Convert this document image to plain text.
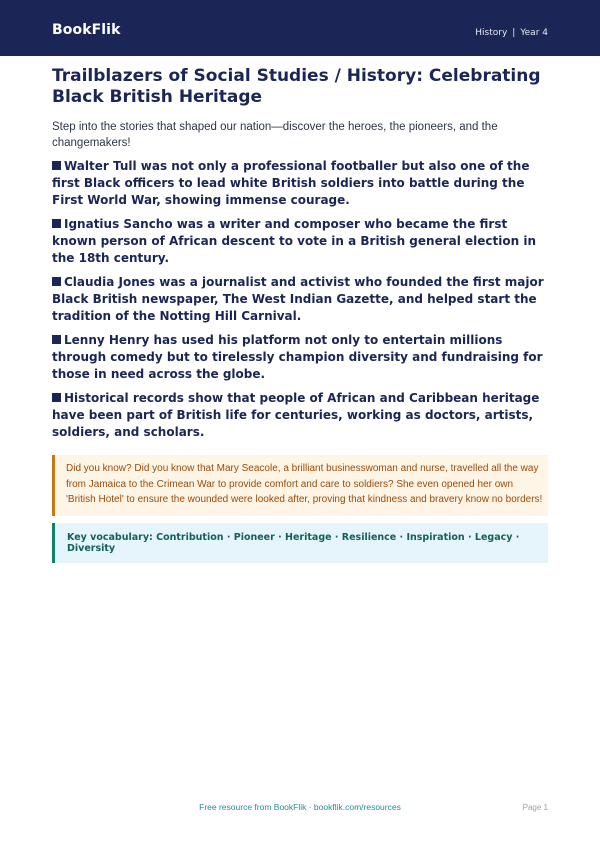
BookFlik	History | Year 4
Trailblazers of Social Studies / History: Celebrating Black British Heritage
Step into the stories that shaped our nation—discover the heroes, the pioneers, and the changemakers!
Walter Tull was not only a professional footballer but also one of the first Black officers to lead white British soldiers into battle during the First World War, showing immense courage.
Ignatius Sancho was a writer and composer who became the first known person of African descent to vote in a British general election in the 18th century.
Claudia Jones was a journalist and activist who founded the first major Black British newspaper, The West Indian Gazette, and helped start the tradition of the Notting Hill Carnival.
Lenny Henry has used his platform not only to entertain millions through comedy but to tirelessly champion diversity and fundraising for those in need across the globe.
Historical records show that people of African and Caribbean heritage have been part of British life for centuries, working as doctors, artists, soldiers, and scholars.
Did you know? Did you know that Mary Seacole, a brilliant businesswoman and nurse, travelled all the way from Jamaica to the Crimean War to provide comfort and care to soldiers? She even opened her own 'British Hotel' to ensure the wounded were looked after, proving that kindness and bravery know no borders!
Key vocabulary: Contribution · Pioneer · Heritage · Resilience · Inspiration · Legacy · Diversity
Free resource from BookFlik · bookflik.com/resources	Page 1
